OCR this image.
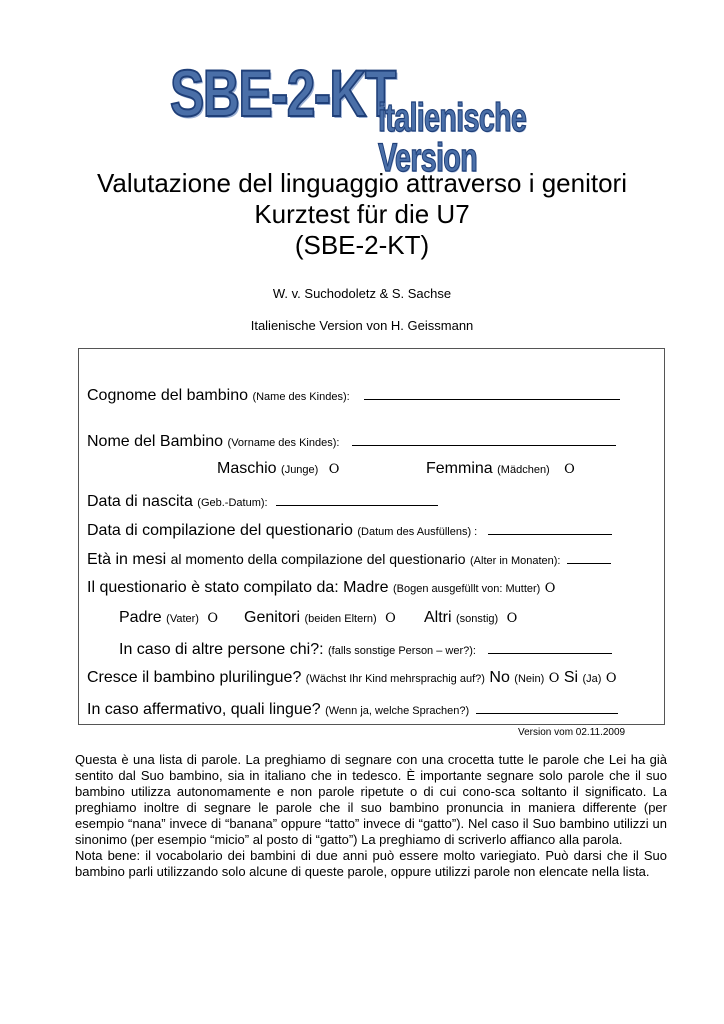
SBE-2-KT
italienische Version
Valutazione del linguaggio attraverso i genitori
Kurztest für die U7
(SBE-2-KT)
W. v. Suchodoletz & S. Sachse
Italienische Version von H. Geissmann
Cognome del bambino (Name des Kindes):
Nome del Bambino (Vorname des Kindes):
Maschio (Junge) O	Femmina (Mädchen) O
Data di nascita (Geb.-Datum):
Data di compilazione del questionario (Datum des Ausfüllens) :
Età in mesi al momento della compilazione del questionario (Alter in Monaten):
Il questionario è stato compilato da: Madre (Bogen ausgefüllt von: Mutter) O
Padre (Vater) O Genitori (beiden Eltern) O Altri (sonstig) O
In caso di altre persone chi?: (falls sonstige Person – wer?):
Cresce il bambino plurilingue? (Wächst Ihr Kind mehrsprachig auf?) No (Nein) O Si (Ja) O
In caso affermativo, quali lingue? (Wenn ja, welche Sprachen?)
Version vom 02.11.2009
Questa è una lista di parole. La preghiamo di segnare con una crocetta tutte le parole che Lei ha già sentito dal Suo bambino, sia in italiano che in tedesco. È importante segnare solo parole che il suo bambino utilizza autonomamente e non parole ripetute o di cui cono-sca soltanto il significato. La preghiamo inoltre di segnare le parole che il suo bambino pronuncia in maniera differente (per esempio “nana” invece di “banana” oppure “tatto” invece di “gatto”). Nel caso il Suo bambino utilizzi un sinonimo (per esempio “micio” al posto di “gatto”) La preghiamo di scriverlo affianco alla parola.
Nota bene: il vocabolario dei bambini di due anni può essere molto variegiato. Può darsi che il Suo bambino parli utilizzando solo alcune di queste parole, oppure utilizzi parole non elencate nella lista.
